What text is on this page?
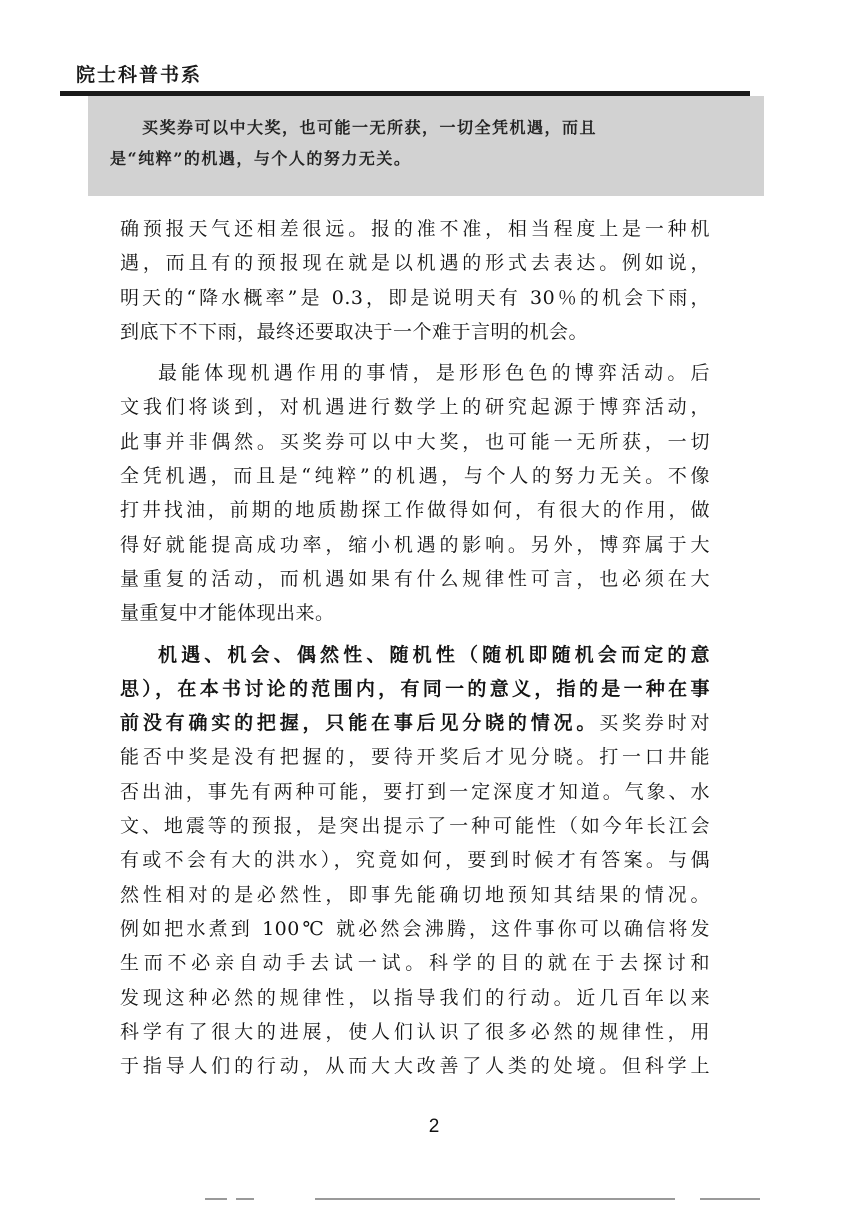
院士科普书系

买奖券可以中大奖，也可能一无所获，一切全凭机遇，而且

是“纯粹”的机遇，与个人的努力无关。

确预报天气还相差很远。报的准不准，相当程度上是一种机
遇，而且有的预报现在就是以机遇的形式去表达。例如说，
明天的“降水概率”是 0.3，即是说明天有 30％的机会下雨，
到底下不下雨，最终还要取决于一个难于言明的机会。
最能体现机遇作用的事情，是形形色色的博弈活动。后
文我们将谈到，对机遇进行数学上的研究起源于博弈活动，
此事并非偶然。买奖券可以中大奖，也可能一无所获，一切
全凭机遇，而且是“纯粹”的机遇，与个人的努力无关。不像
打井找油，前期的地质勘探工作做得如何，有很大的作用，做
得好就能提高成功率，缩小机遇的影响。另外，博弈属于大
量重复的活动，而机遇如果有什么规律性可言，也必须在大
量重复中才能体现出来。
机遇、机会、偶然性、随机性（随机即随机会而定的意
思），在本书讨论的范围内，有同一的意义，指的是一种在事
前没有确实的把握，只能在事后见分晓的情况。买奖券时对
能否中奖是没有把握的，要待开奖后才见分晓。打一口井能
否出油，事先有两种可能，要打到一定深度才知道。气象、水
文、地震等的预报，是突出提示了一种可能性（如今年长江会
有或不会有大的洪水），究竟如何，要到时候才有答案。与偶
然性相对的是必然性，即事先能确切地预知其结果的情况。
例如把水煮到 100℃ 就必然会沸腾，这件事你可以确信将发
生而不必亲自动手去试一试。科学的目的就在于去探讨和
发现这种必然的规律性，以指导我们的行动。近几百年以来
科学有了很大的进展，使人们认识了很多必然的规律性，用
于指导人们的行动，从而大大改善了人类的处境。但科学上
2
